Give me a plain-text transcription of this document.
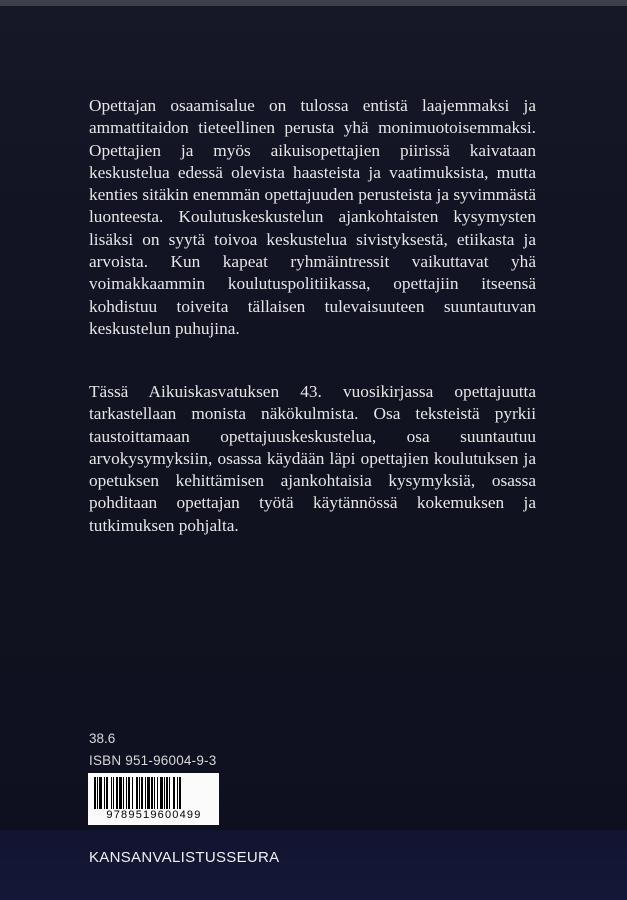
Opettajan osaamisalue on tulossa entistä laajemmaksi ja ammattitaidon tieteellinen perusta yhä monimuotoisemmaksi. Opettajien ja myös aikuisopettajien piirissä kaivataan keskustelua edessä olevista haasteista ja vaatimuksista, mutta kenties sitäkin enemmän opettajuuden perusteista ja syvimmästä luonteesta. Koulutuskeskustelun ajankohtaisten kysymysten lisäksi on syytä toivoa keskustelua sivistyksestä, etiikasta ja arvoista. Kun kapeat ryhmäintressit vaikuttavat yhä voimakkaammin koulutuspolitiikassa, opettajiin itseensä kohdistuu toiveita tällaisen tulevaisuuteen suuntautuvan keskustelun puhujina.

Tässä Aikuiskasvatuksen 43. vuosikirjassa opettajuutta tarkastellaan monista näkökulmista. Osa teksteistä pyrkii taustoittamaan opettajuuskeskustelua, osa suuntautuu arvokysymyksiin, osassa käydään läpi opettajien koulutuksen ja opetuksen kehittämisen ajankohtaisia kysymyksiä, osassa pohditaan opettajan työtä käytännössä kokemuksen ja tutkimuksen pohjalta.

38.6
ISBN 951-96004-9-3
9789519600499
KANSANVALISTUSSEURA
